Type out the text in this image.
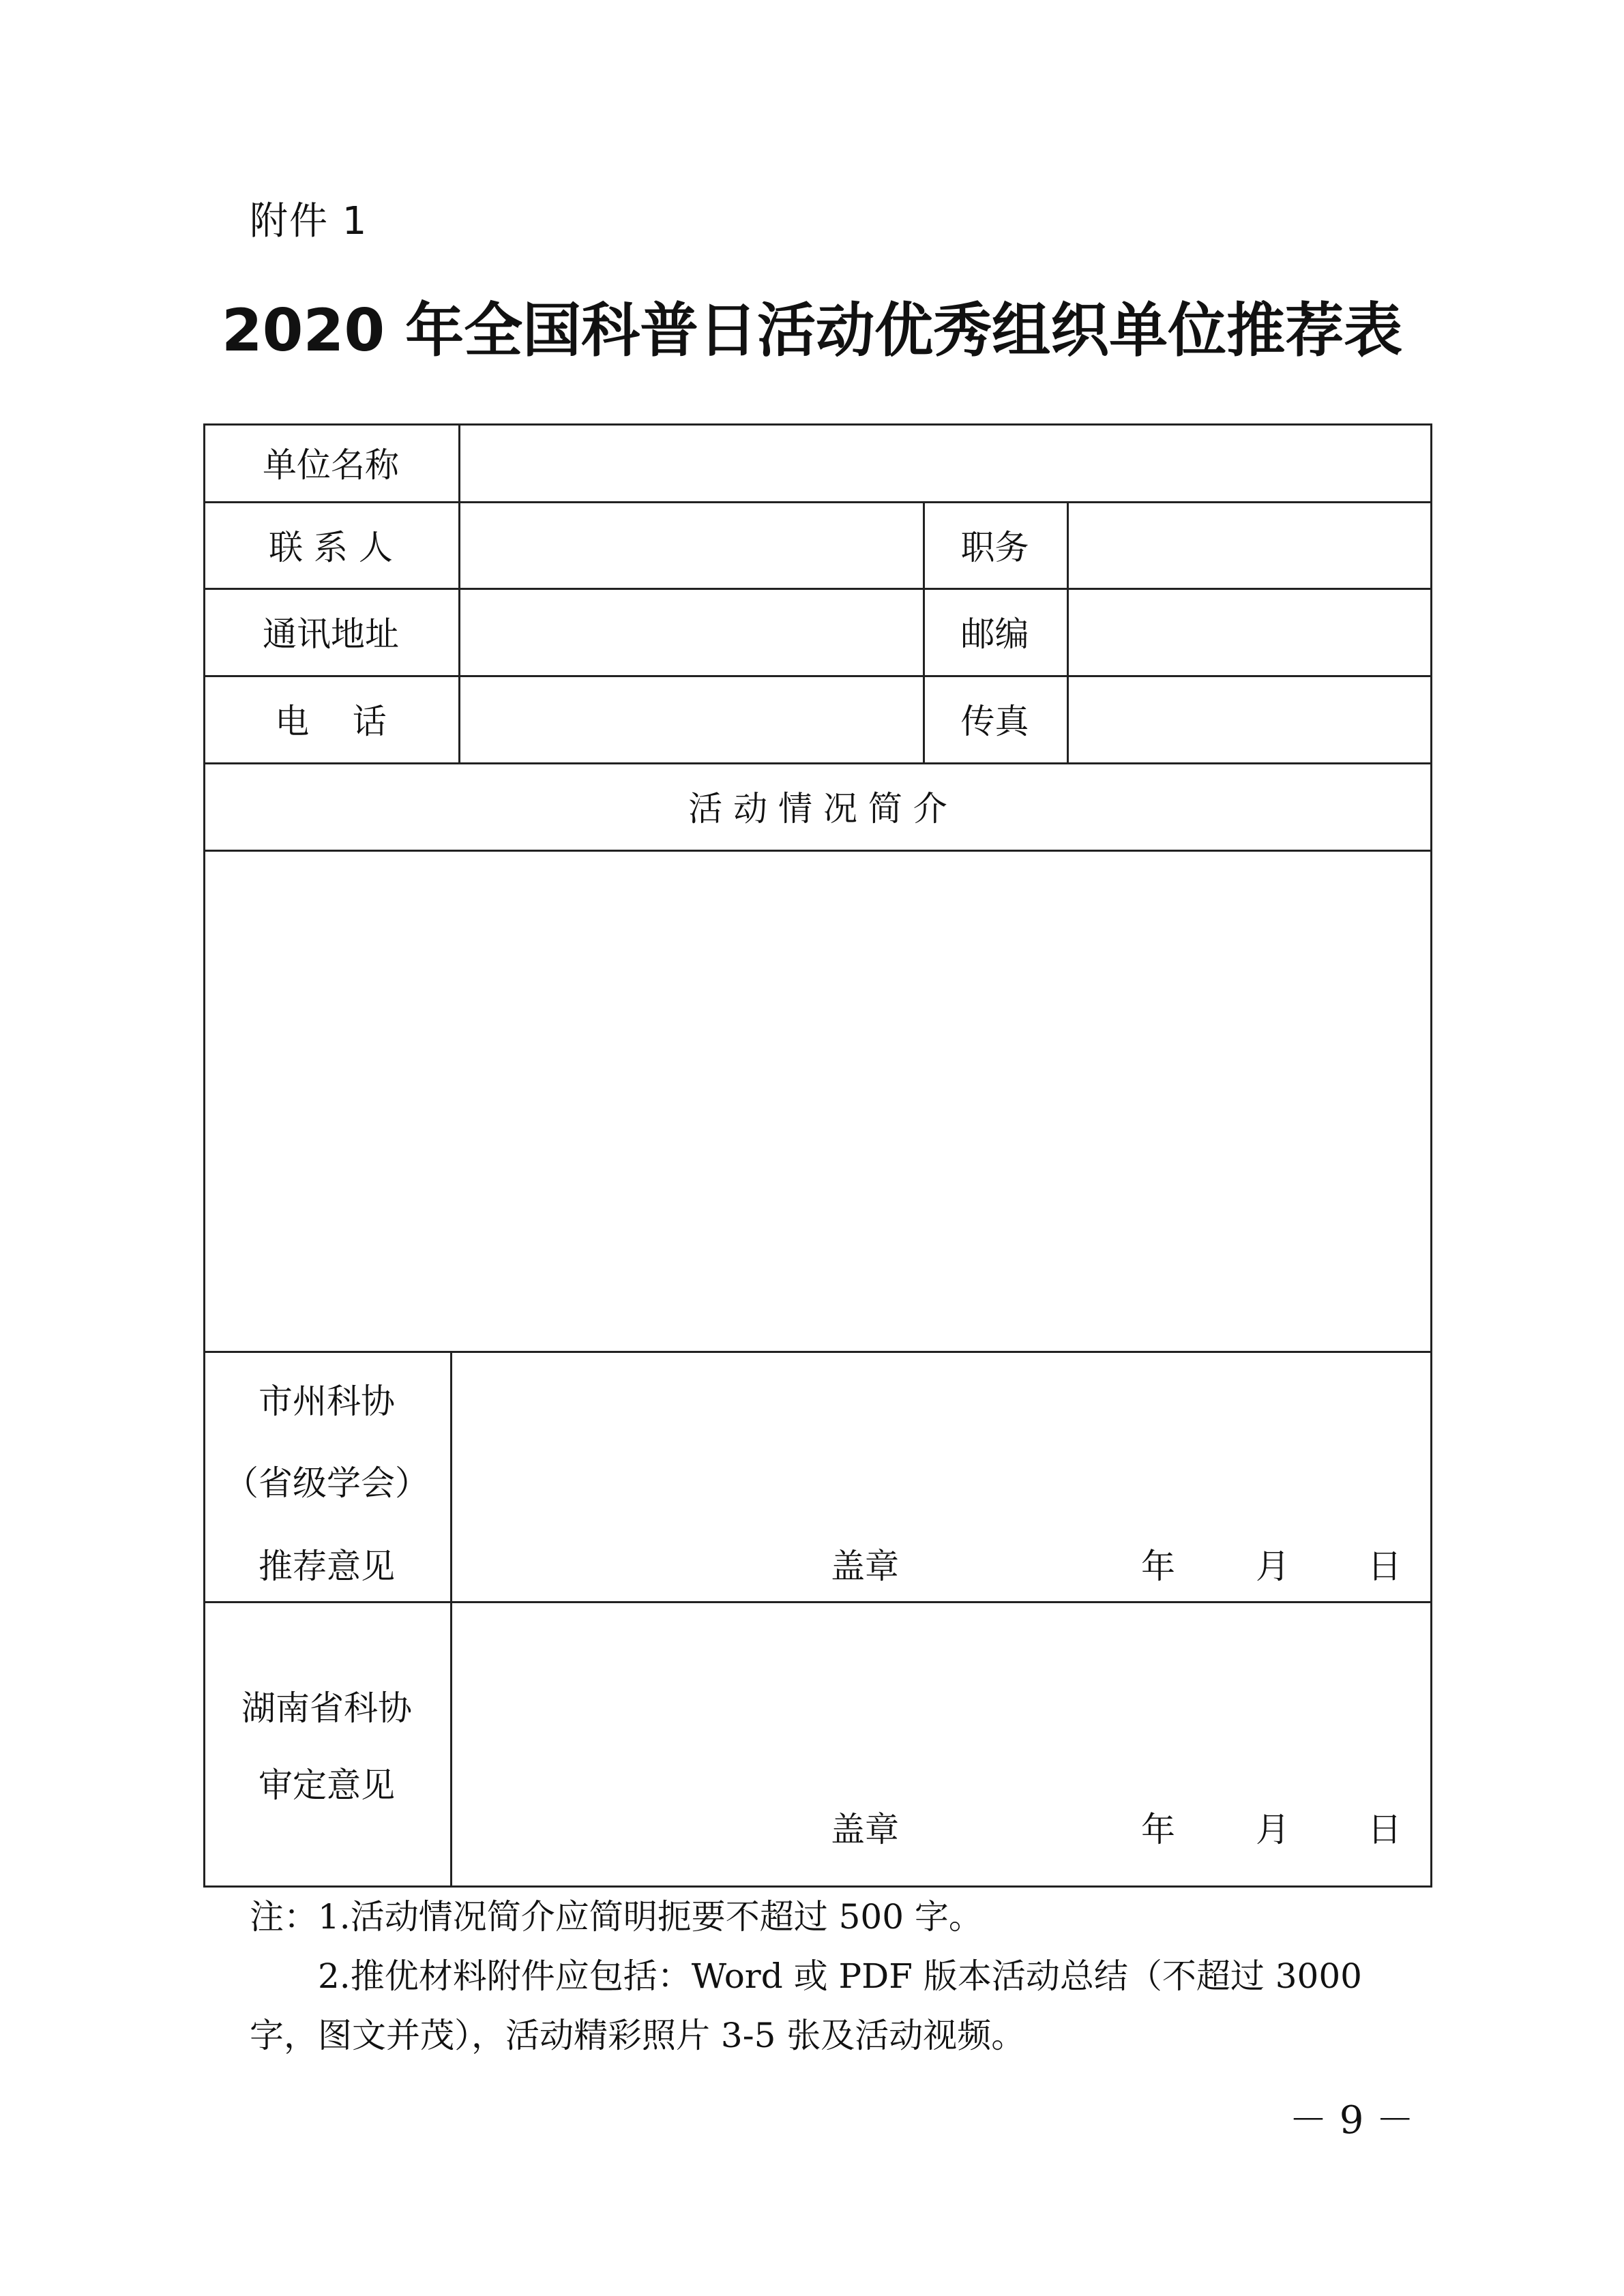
附件 1
2020 年全国科普日活动优秀组织单位推荐表
单位名称
联 系 人	职务
通讯地址	邮编
电    话	传真
活 动 情 况 简 介
市州科协
（省级学会）
推荐意见	盖章	年	月	日
湖南省科协
审定意见
盖章	年	月	日
注：1.活动情况简介应简明扼要不超过 500 字。
2.推优材料附件应包括：Word 或 PDF 版本活动总结（不超过 3000
字，图文并茂），活动精彩照片 3-5 张及活动视频。
－ 9 －
